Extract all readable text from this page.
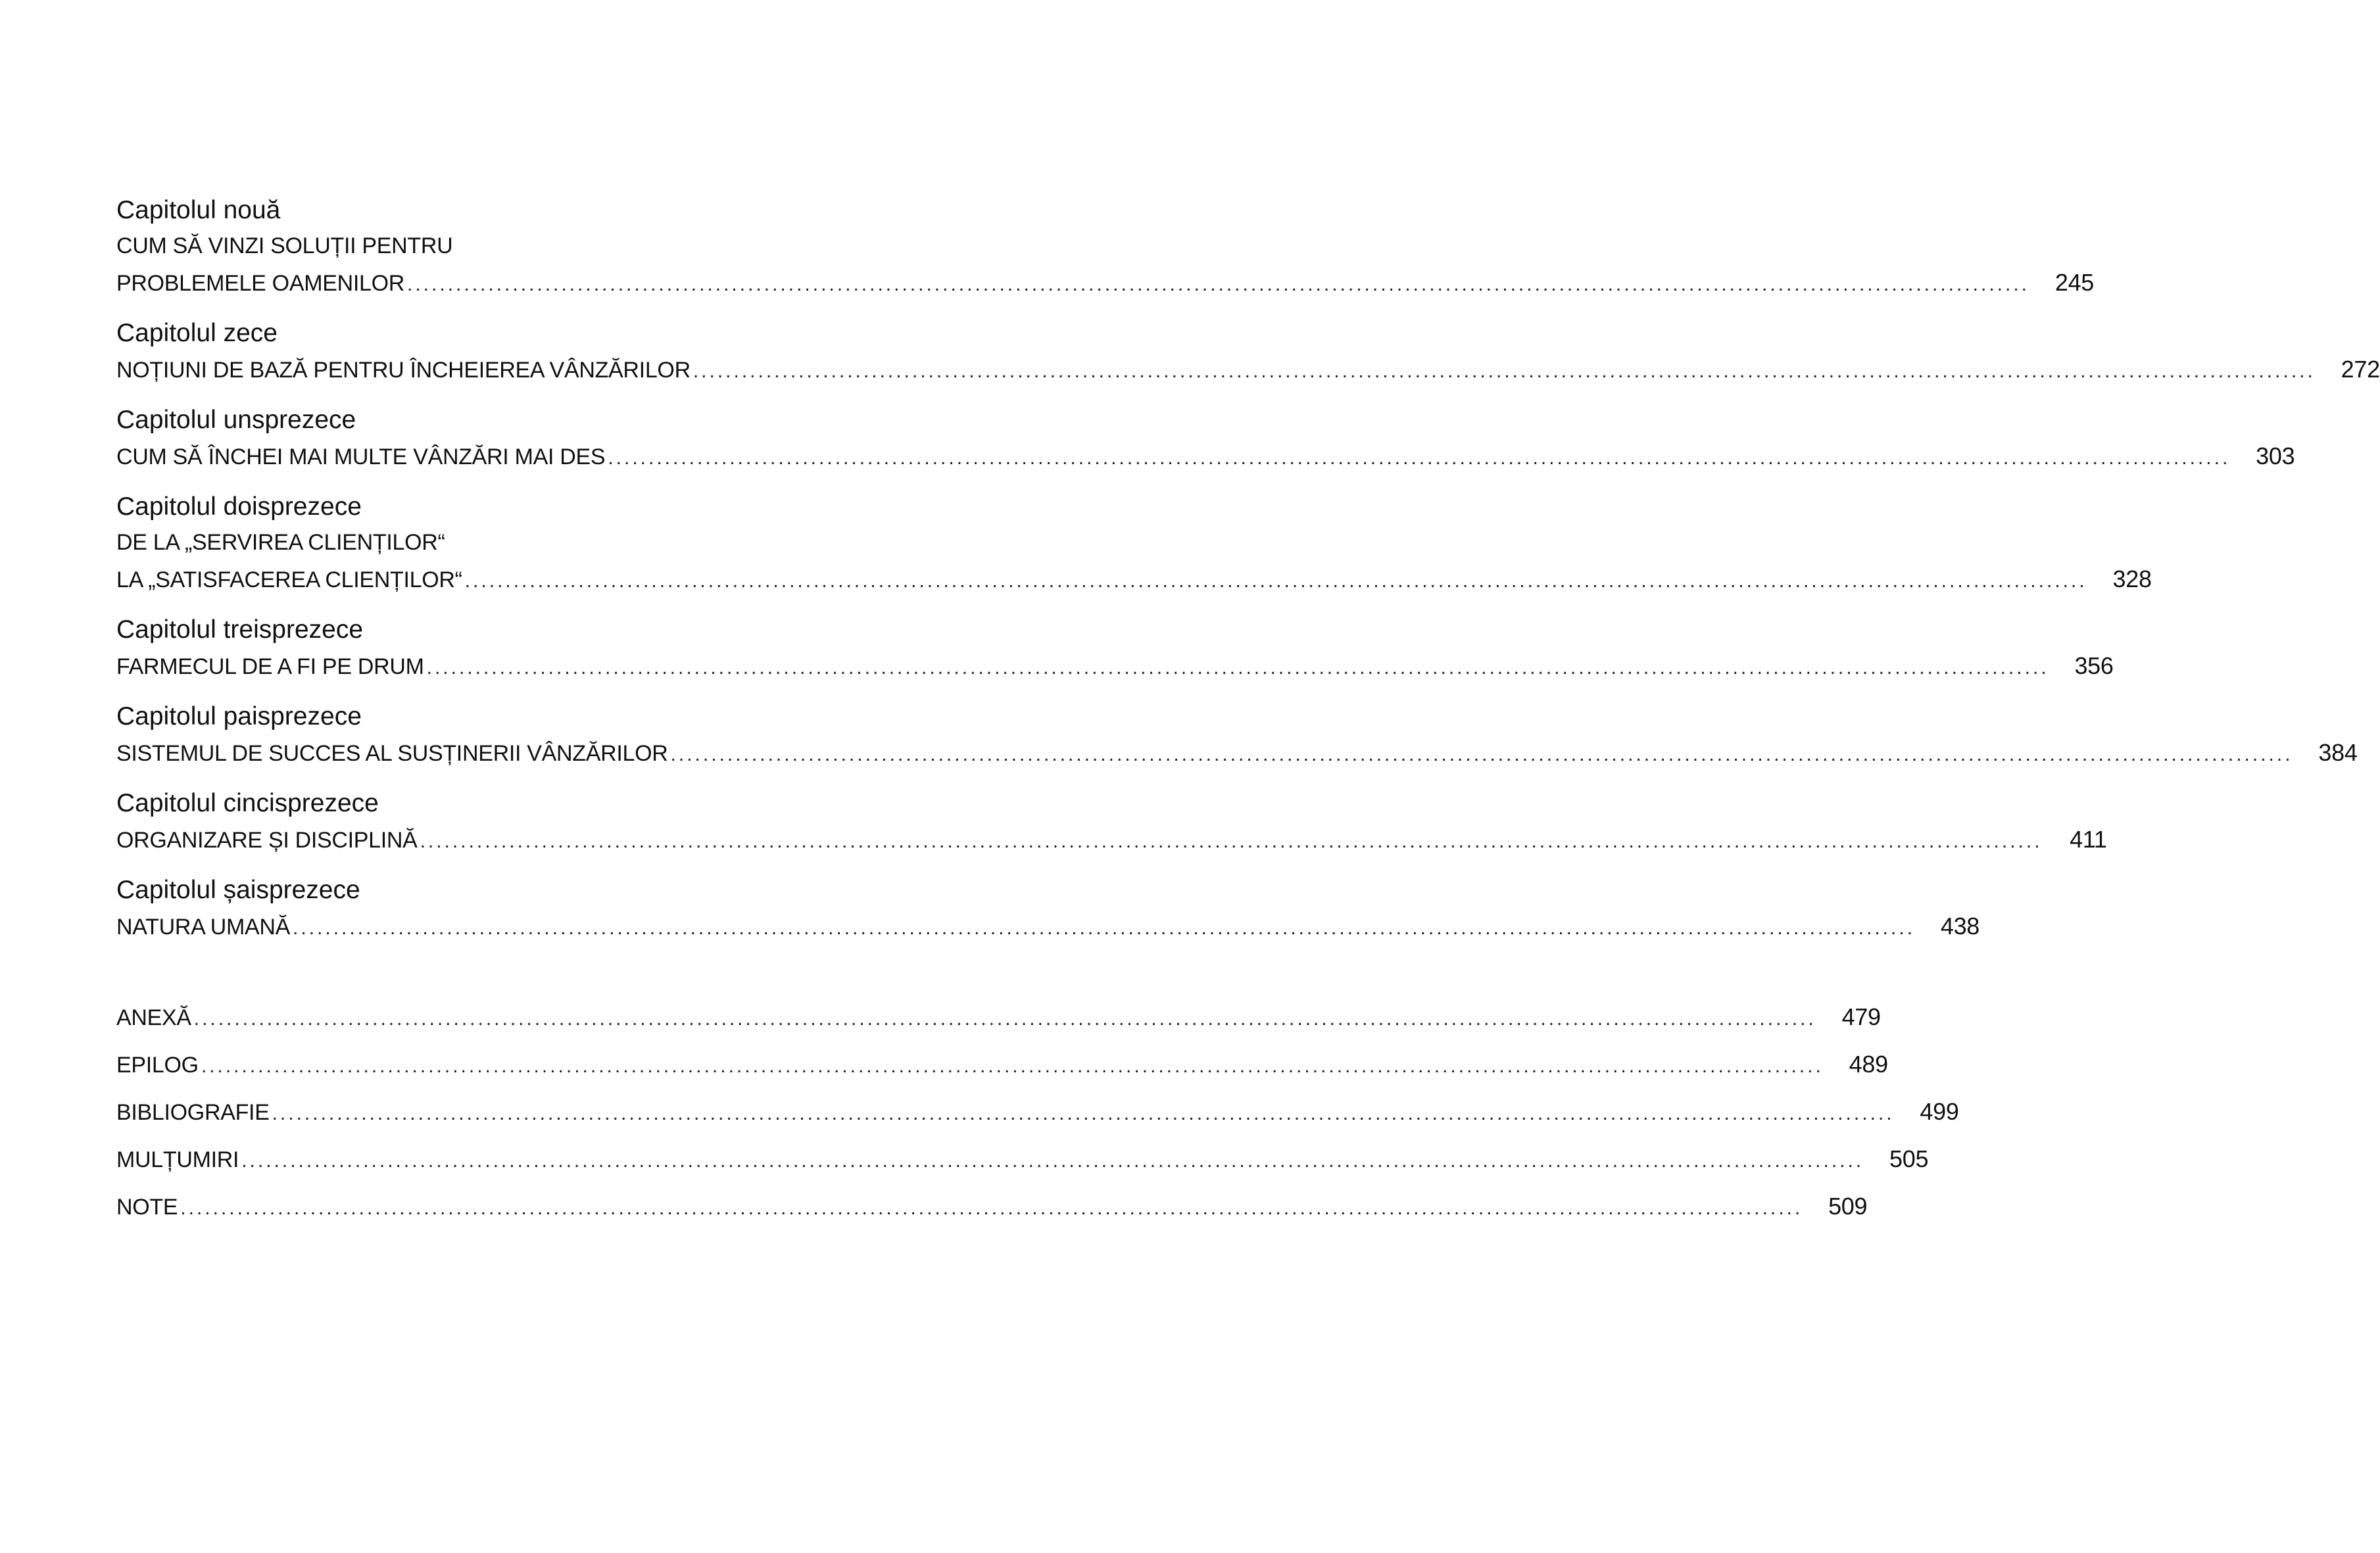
Capitolul nouă
CUM SĂ VINZI SOLUȚII PENTRU
PROBLEMELE OAMENILOR ........................................................................................................................................................................................................	245
Capitolul zece
NOȚIUNI DE BAZĂ PENTRU ÎNCHEIEREA VÂNZĂRILOR ........................................................................................................................................................................................................	272
Capitolul unsprezece
CUM SĂ ÎNCHEI MAI MULTE VÂNZĂRI MAI DES ........................................................................................................................................................................................................	303
Capitolul doisprezece
DE LA „SERVIREA CLIENȚILOR“
LA „SATISFACEREA CLIENȚILOR“ ........................................................................................................................................................................................................	328
Capitolul treisprezece
FARMECUL DE A FI PE DRUM ........................................................................................................................................................................................................	356
Capitolul paisprezece
SISTEMUL DE SUCCES AL SUSȚINERII VÂNZĂRILOR ........................................................................................................................................................................................................	384
Capitolul cincisprezece
ORGANIZARE ȘI DISCIPLINĂ ........................................................................................................................................................................................................	411
Capitolul șaisprezece
NATURA UMANĂ ........................................................................................................................................................................................................	438
ANEXĂ ........................................................................................................................................................................................................	479
EPILOG ........................................................................................................................................................................................................	489
BIBLIOGRAFIE ........................................................................................................................................................................................................	499
MULȚUMIRI ........................................................................................................................................................................................................	505
NOTE ........................................................................................................................................................................................................	509
